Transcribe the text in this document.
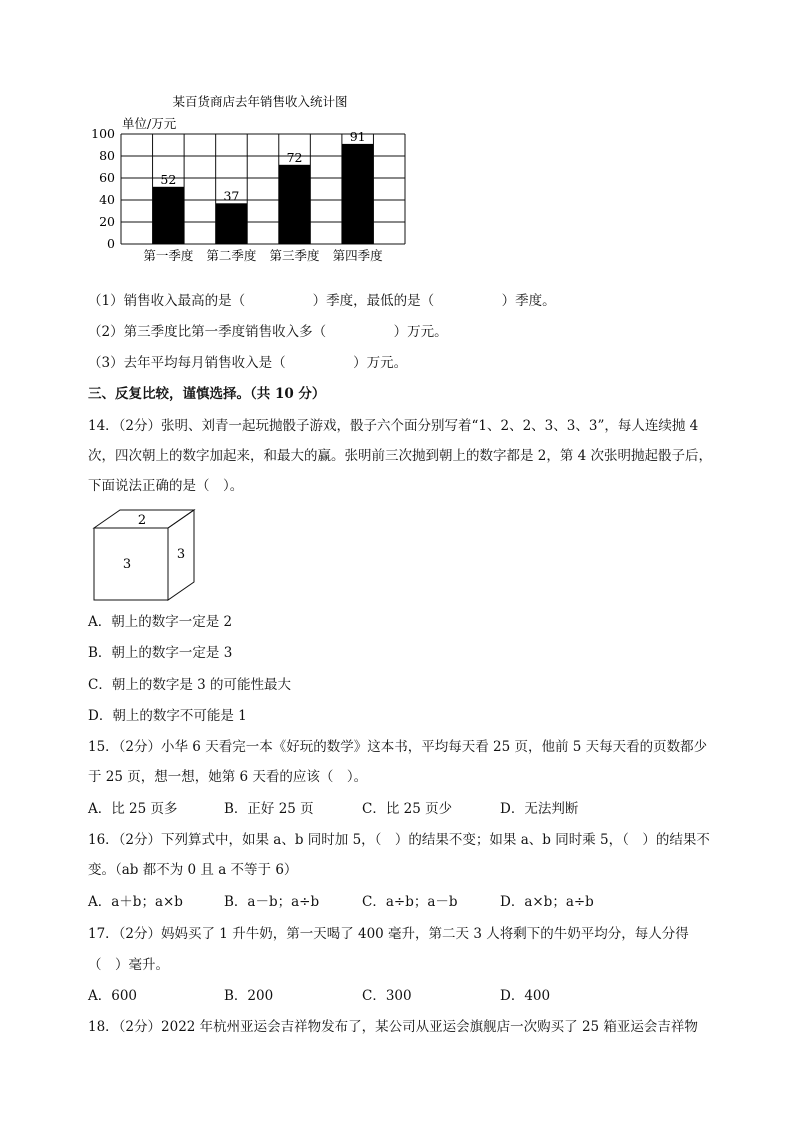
某百货商店去年销售收入统计图
单位/万元
0
20
40
60
80
100
52
37
72
91
第一季度 第二季度 第三季度 第四季度
（1）销售收入最高的是（　　　　　）季度，最低的是（　　　　　）季度。
（2）第三季度比第一季度销售收入多（　　　　　）万元。
（3）去年平均每月销售收入是（　　　　　）万元。
三、反复比较，谨慎选择。（共 10 分）
14．（2分）张明、刘青一起玩抛骰子游戏，骰子六个面分别写着“1、2、2、3、3、3”，每人连续抛 4
次，四次朝上的数字加起来，和最大的赢。张明前三次抛到朝上的数字都是 2，第 4 次张明抛起骰子后，
下面说法正确的是（　）。
2
3
3
A．朝上的数字一定是 2
B．朝上的数字一定是 3
C．朝上的数字是 3 的可能性最大
D．朝上的数字不可能是 1
15．（2分）小华 6 天看完一本《好玩的数学》这本书，平均每天看 25 页，他前 5 天每天看的页数都少
于 25 页，想一想，她第 6 天看的应该（　）。
A．比 25 页多	B．正好 25 页	C．比 25 页少	D．无法判断
16．（2分）下列算式中，如果 a、b 同时加 5，（　）的结果不变；如果 a、b 同时乘 5，（　）的结果不
变。（ab 都不为 0 且 a 不等于 6）
A．a＋b；a×b	B．a－b；a÷b	C．a÷b；a－b	D．a×b；a÷b
17．（2分）妈妈买了 1 升牛奶，第一天喝了 400 毫升，第二天 3 人将剩下的牛奶平均分，每人分得
（　）毫升。
A．600	B．200	C．300	D．400
18．（2分）2022 年杭州亚运会吉祥物发布了，某公司从亚运会旗舰店一次购买了 25 箱亚运会吉祥物
